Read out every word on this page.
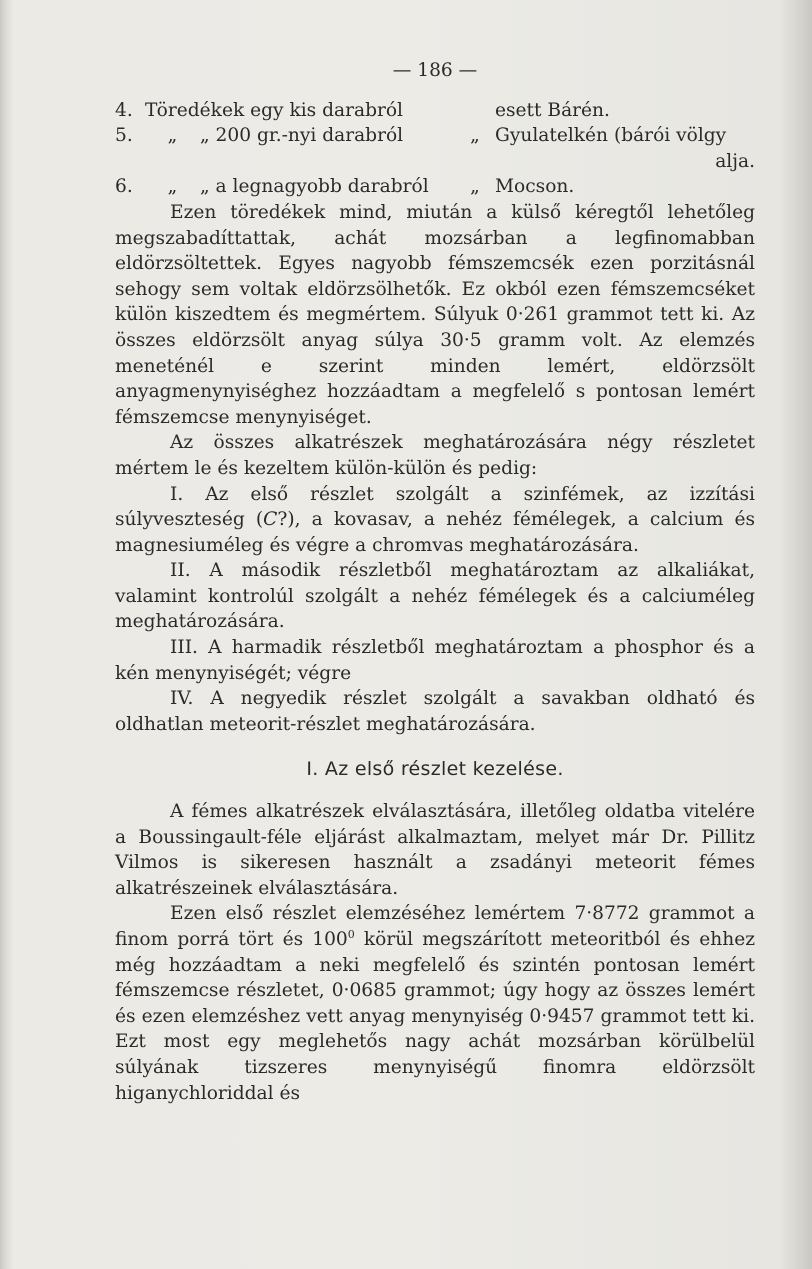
— 186 —
4. Töredékek egy kis darabról	esett Bárén.
5.	„	„ 200 gr.-nyi darabról	„ Gyulatelkén (bárói völgy
alja.
6.	„	„ a legnagyobb darabról	„ Mocson.

Ezen töredékek mind, miután a külső kéregtől lehetőleg megszabadíttattak, achát mozsárban a legfinomabban eldörzsöltettek. Egyes nagyobb fémszemcsék ezen porzitásnál sehogy sem voltak eldörzsölhetők. Ez okból ezen fémszemcséket külön kiszedtem és megmértem. Súlyuk 0·261 grammot tett ki. Az összes eldörzsölt anyag súlya 30·5 gramm volt. Az elemzés meneténél e szerint minden lemért, eldörzsölt anyagmenynyiséghez hozzáadtam a megfelelő s pontosan lemért fémszemcse menynyiséget.

Az összes alkatrészek meghatározására négy részletet mértem le és kezeltem külön-külön és pedig:

I. Az első részlet szolgált a szinfémek, az izzítási súlyveszteség (C?), a kovasav, a nehéz fémélegek, a calcium és magnesiuméleg és végre a chromvas meghatározására.

II. A második részletből meghatároztam az alkaliákat, valamint kontrolúl szolgált a nehéz fémélegek és a calciuméleg meghatározására.

III. A harmadik részletből meghatároztam a phosphor és a kén menynyiségét; végre

IV. A negyedik részlet szolgált a savakban oldható és oldhatlan meteorit-részlet meghatározására.

I. Az első részlet kezelése.

A fémes alkatrészek elválasztására, illetőleg oldatba vitelére a Boussingault-féle eljárást alkalmaztam, melyet már Dr. Pillitz Vilmos is sikeresen használt a zsadányi meteorit fémes alkatrészeinek elválasztására.

Ezen első részlet elemzéséhez lemértem 7·8772 grammot a finom porrá tört és $100^0$ körül megszárított meteoritból és ehhez még hozzáadtam a neki megfelelő és szintén pontosan lemért fémszemcse részletet, 0·0685 grammot; úgy hogy az összes lemért és ezen elemzéshez vett anyag menynyiség 0·9457 grammot tett ki. Ezt most egy meglehetős nagy achát mozsárban körülbelül súlyának tizszeres menynyiségű finomra eldörzsölt higanychloriddal és
